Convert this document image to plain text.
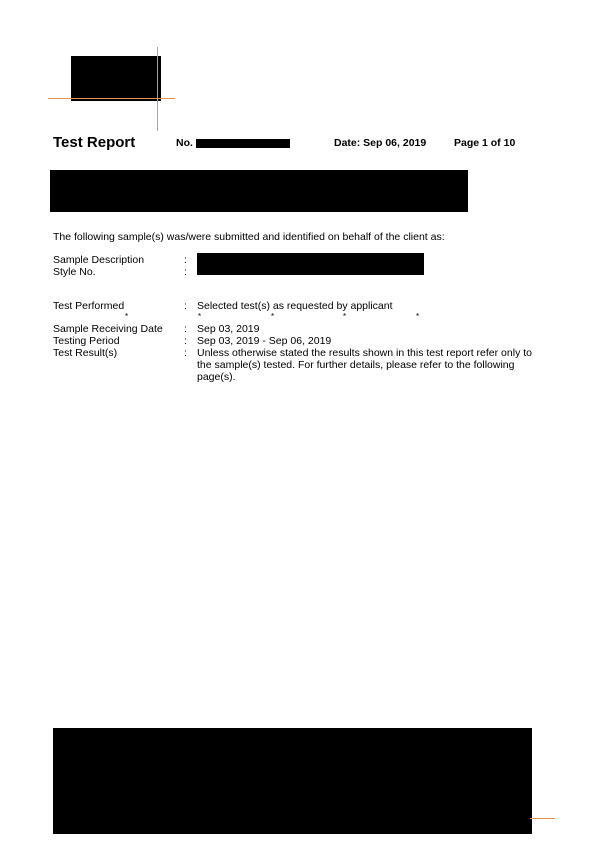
Test Report	No.	Date: Sep 06, 2019	Page 1 of 10
The following sample(s) was/were submitted and identified on behalf of the client as:
Sample Description	:
Style No.	:
Test Performed	: Selected test(s) as requested by applicant
*	*	*	*	*
Sample Receiving Date : Sep 03, 2019
Testing Period	: Sep 03, 2019 - Sep 06, 2019
Test Result(s)	: Unless otherwise stated the results shown in this test report refer only to the sample(s) tested. For further details, please refer to the following page(s).
